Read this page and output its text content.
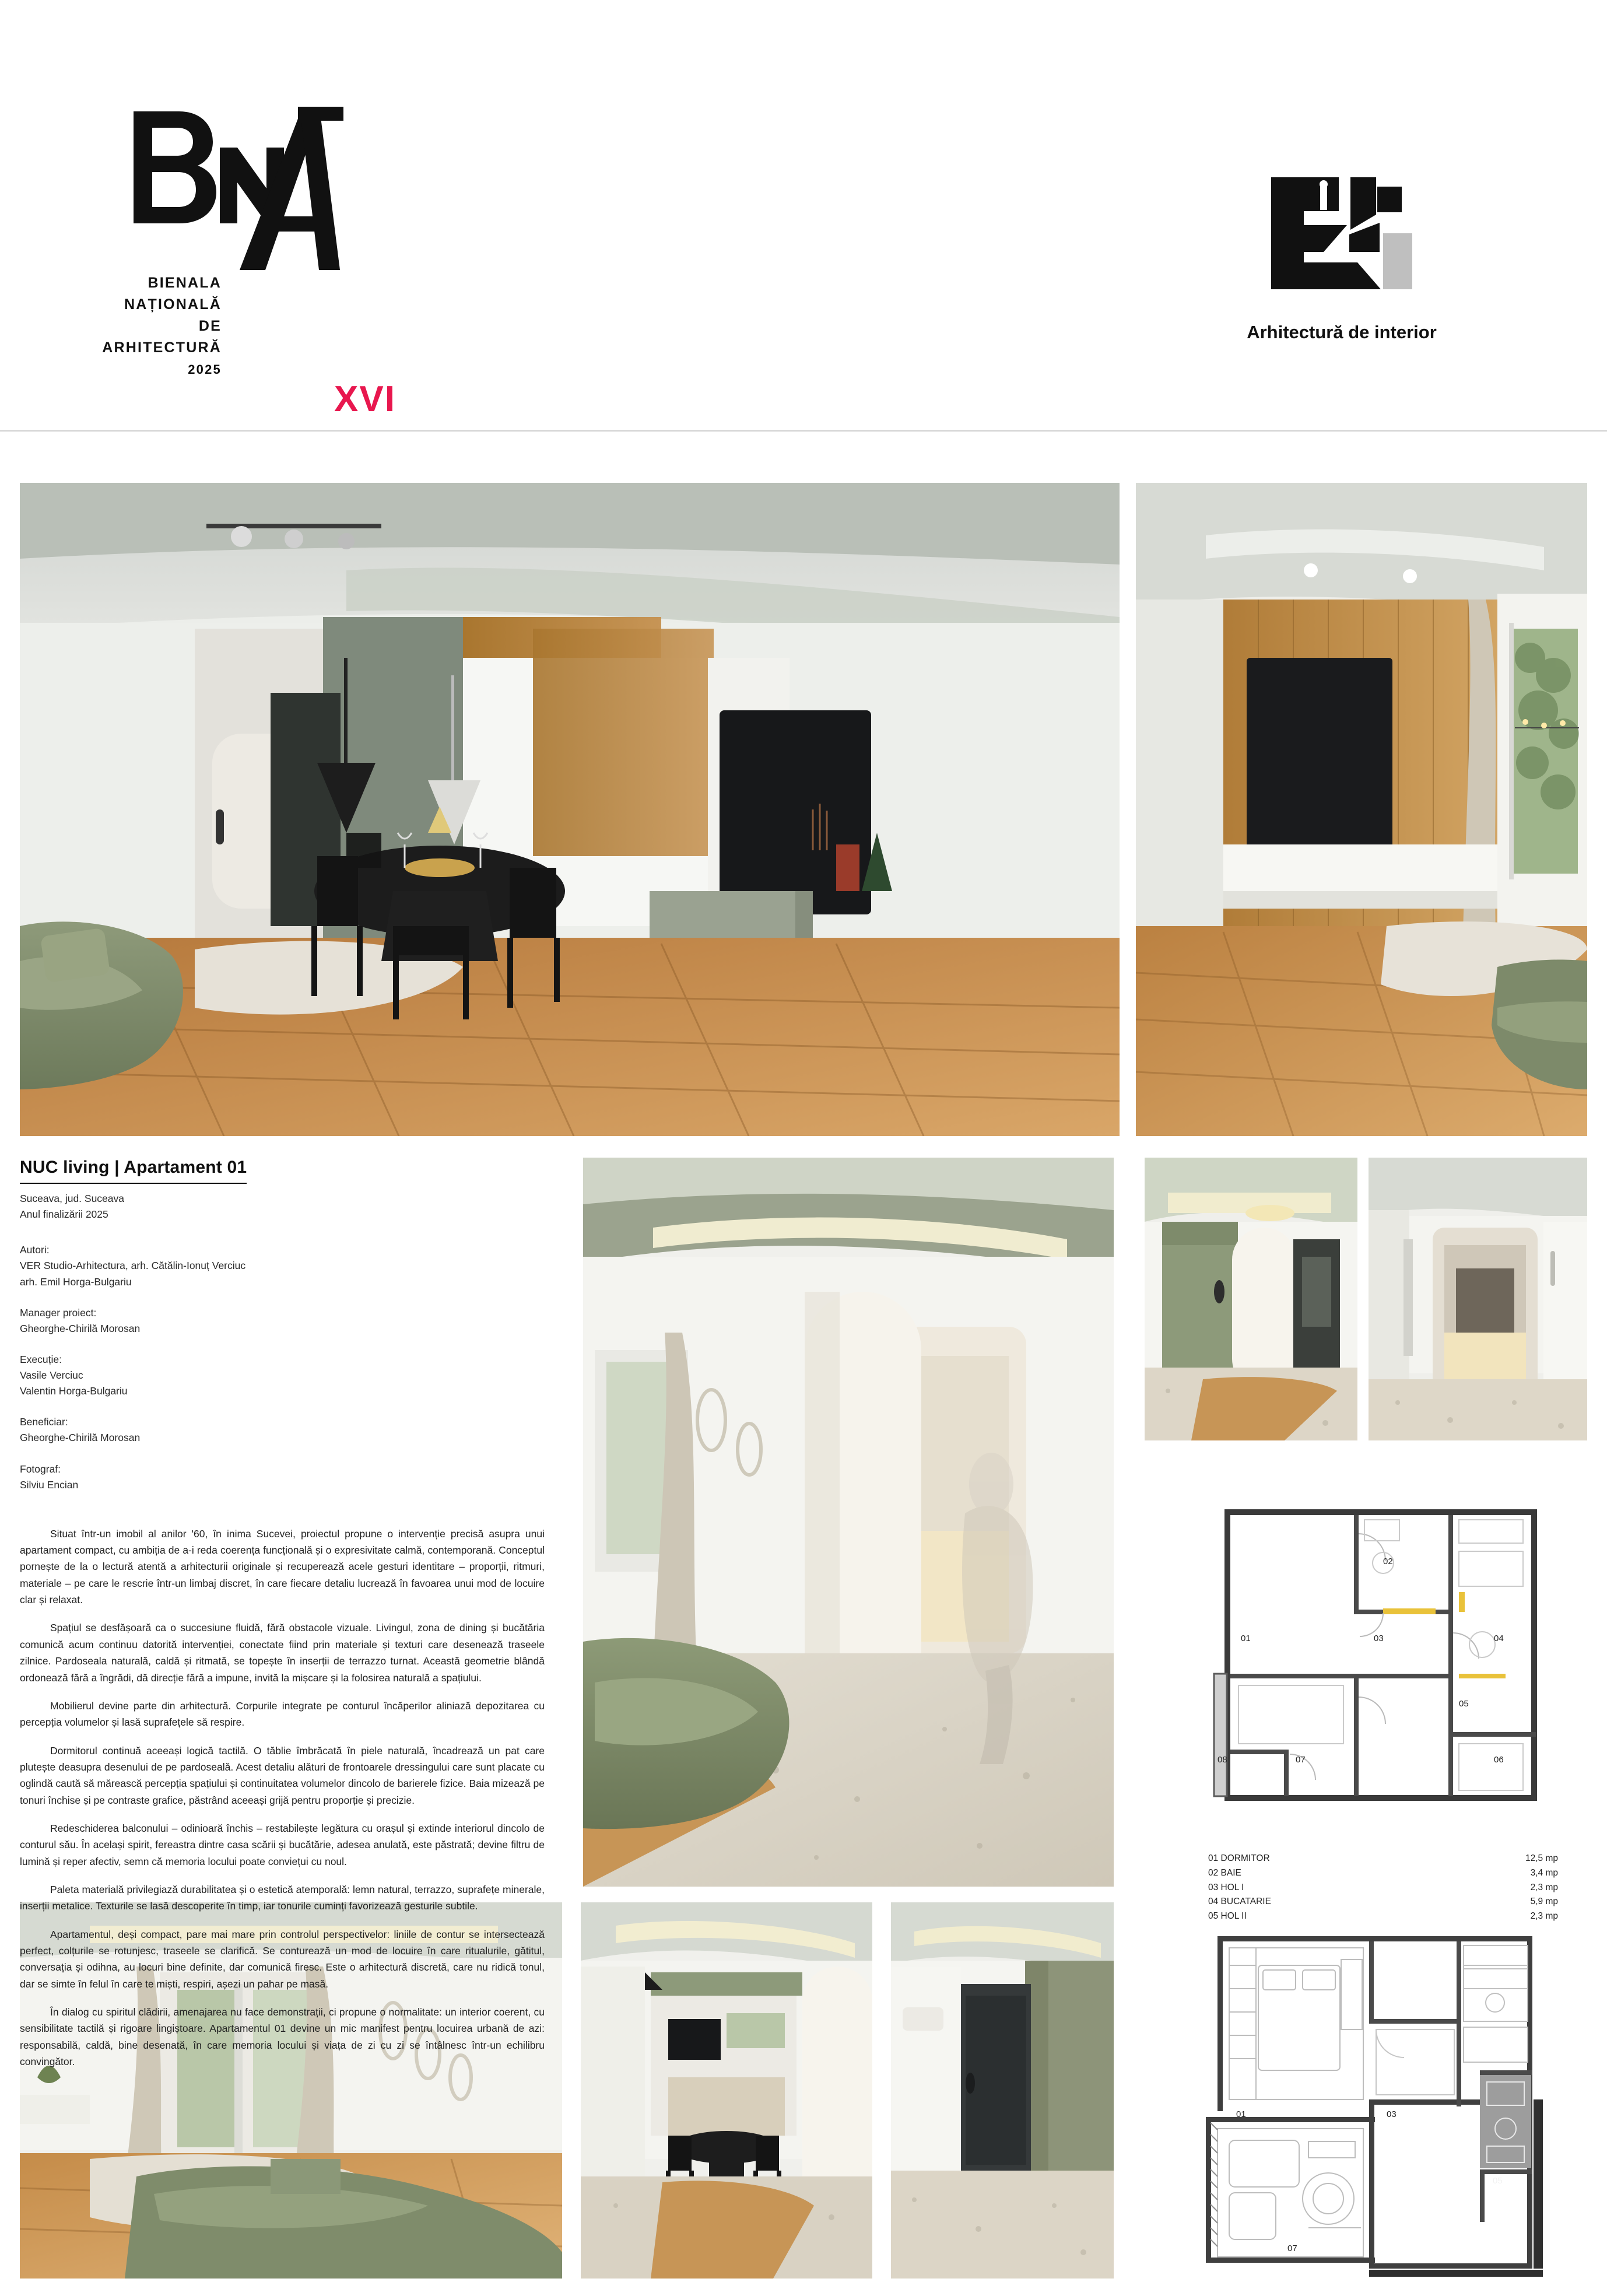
BIENALA
NAȚIONALĂ
DE
ARHITECTURĂ
2025
XVI
Arhitectură de interior
NUC living | Apartament 01
Suceava, jud. Suceava
Anul finalizării 2025
Autori:
VER Studio-Arhitectura, arh. Cătălin-Ionuț Verciuc
arh. Emil Horga-Bulgariu
Manager proiect:
Gheorghe-Chirilă Morosan
Execuție:
Vasile Verciuc
Valentin Horga-Bulgariu
Beneficiar:
Gheorghe-Chirilă Morosan
Fotograf:
Silviu Encian

Situat într-un imobil al anilor '60, în inima Sucevei, proiectul propune o intervenție precisă asupra unui apartament compact, cu ambiția de a-i reda coerența funcțională și o expresivitate calmă, contemporană. Conceptul pornește de la o lectură atentă a arhitecturii originale și recuperează acele gesturi identitare – proporții, ritmuri, materiale – pe care le rescrie într-un limbaj discret, în care fiecare detaliu lucrează în favoarea unui mod de locuire clar și relaxat.

Spațiul se desfășoară ca o succesiune fluidă, fără obstacole vizuale. Livingul, zona de dining și bucătăria comunică acum continuu datorită intervenției, conectate fiind prin materiale și texturi care desenează traseele zilnice. Pardoseala naturală, caldă și ritmată, se topește în inserții de terrazzo turnat. Această geometrie blândă ordonează fără a îngrădi, dă direcție fără a impune, invită la mișcare și la folosirea naturală a spațiului.

Mobilierul devine parte din arhitectură. Corpurile integrate pe conturul încăperilor aliniază depozitarea cu percepția volumelor și lasă suprafețele să respire.

Dormitorul continuă aceeași logică tactilă. O tăblie îmbrăcată în piele naturală, încadrează un pat care plutește deasupra desenului de pe pardoseală. Acest detaliu alături de frontoarele dressingului care sunt placate cu oglindă caută să mărească percepția spațiului și continuitatea volumelor dincolo de barierele fizice. Baia mizează pe tonuri închise și pe contraste grafice, păstrând aceeași grijă pentru proporție și precizie.

Redeschiderea balconului – odinioară închis – restabilește legătura cu orașul și extinde interiorul dincolo de conturul său. În același spirit, fereastra dintre casa scării și bucătărie, adesea anulată, este păstrată; devine filtru de lumină și reper afectiv, semn că memoria locului poate conviețui cu noul.

Paleta materială privilegiază durabilitatea și o estetică atemporală: lemn natural, terrazzo, suprafețe minerale, inserții metalice. Texturile se lasă descoperite în timp, iar tonurile cuminți favorizează gesturile subtile.

Apartamentul, deși compact, pare mai mare prin controlul perspectivelor: liniile de contur se intersectează perfect, colțurile se rotunjesc, traseele se clarifică. Se conturează un mod de locuire în care ritualurile, gătitul, conversația și odihna, au locuri bine definite, dar comunică firesc. Este o arhitectură discretă, care nu ridică tonul, dar se simte în felul în care te miști, respiri, așezi un pahar pe masă.

În dialog cu spiritul clădirii, amenajarea nu face demonstrații, ci propune o normalitate: un interior coerent, cu sensibilitate tactilă și rigoare lingiștoare. Apartamentul 01 devine un mic manifest pentru locuirea urbană de azi: responsabilă, caldă, bine desenată, în care memoria locului și viața de zi cu zi se întâlnesc într-un echilibru convingător.

01
02
03	04
05
06
07
08
01 DORMITOR	12,5 mp
02 BAIE	3,4 mp
03 HOL I	2,3 mp
04 BUCATARIE	5,9 mp
05 HOL II	2,3 mp
01	03
05
07
